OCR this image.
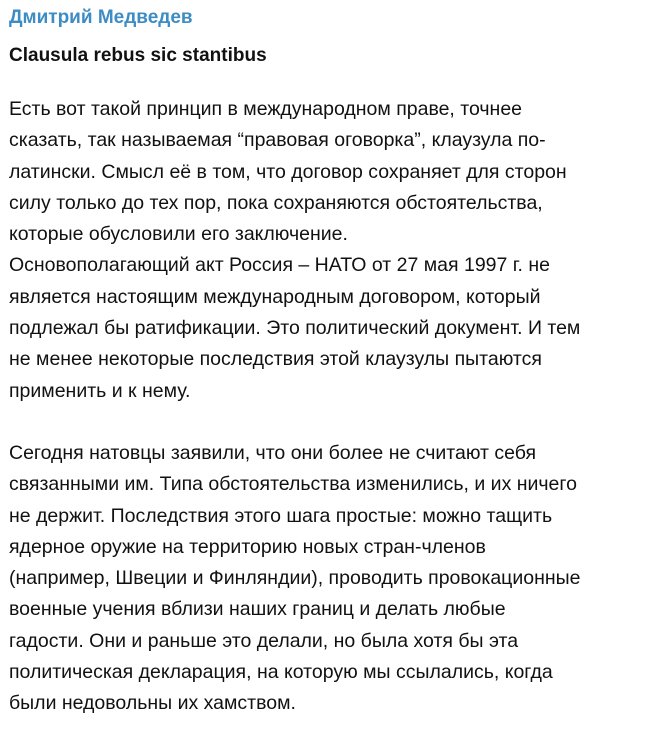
Дмитрий Медведев
Clausula rebus sic stantibus
Есть вот такой принцип в международном праве, точнее
сказать, так называемая “правовая оговорка”, клаузула по-
латински. Смысл её в том, что договор сохраняет для сторон
силу только до тех пор, пока сохраняются обстоятельства,
которые обусловили его заключение.
Основополагающий акт Россия – НАТО от 27 мая 1997 г. не
является настоящим международным договором, который
подлежал бы ратификации. Это политический документ. И тем
не менее некоторые последствия этой клаузулы пытаются
применить и к нему.
Сегодня натовцы заявили, что они более не считают себя
связанными им. Типа обстоятельства изменились, и их ничего
не держит. Последствия этого шага простые: можно тащить
ядерное оружие на территорию новых стран-членов
(например, Швеции и Финляндии), проводить провокационные
военные учения вблизи наших границ и делать любые
гадости. Они и раньше это делали, но была хотя бы эта
политическая декларация, на которую мы ссылались, когда
были недовольны их хамством.
